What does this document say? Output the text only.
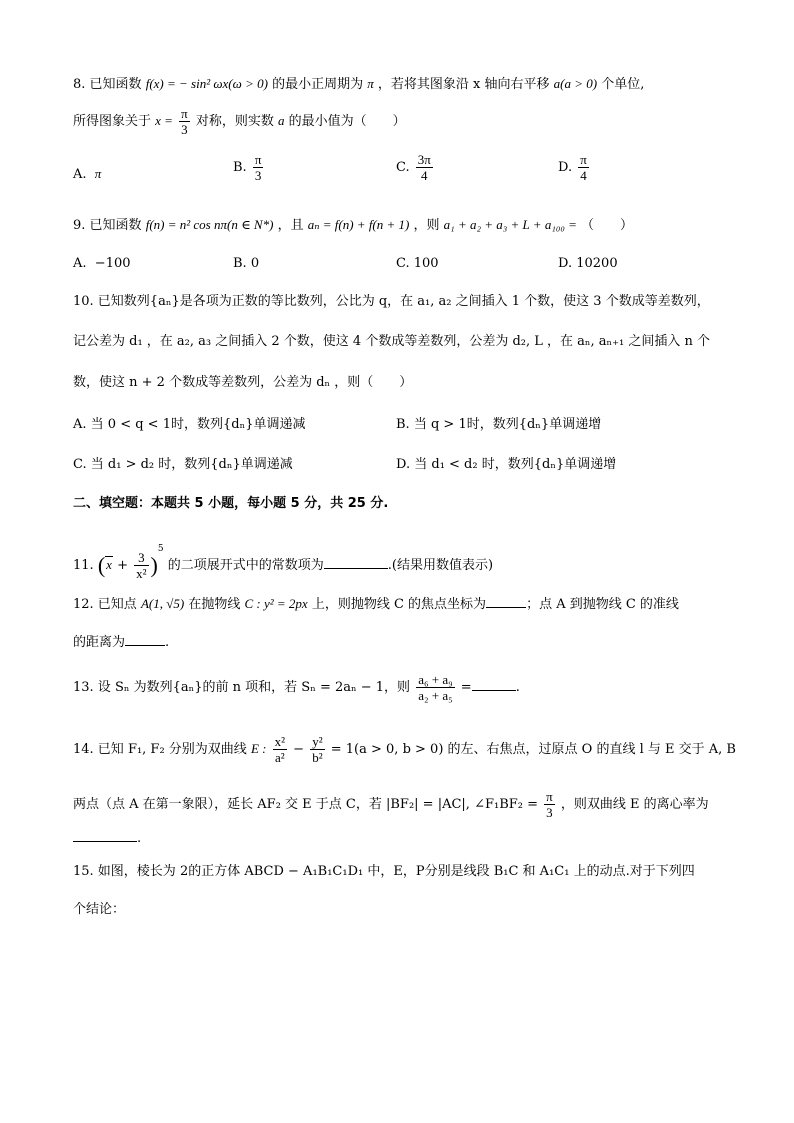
8. 已知函数 f(x) = − sin² ωx(ω > 0) 的最小正周期为 π ，若将其图象沿 x 轴向右平移 a(a > 0) 个单位,
所得图象关于 $x = \frac{\pi}{3}$ 对称，则实数 a 的最小值为（　　）
A. π	B. $\frac{\pi}{3}$	C. $\frac{3\pi}{4}$	D. $\frac{\pi}{4}$
9. 已知函数 f(n) = n² cos nπ(n ∈ N*) ，且 aₙ = f(n) + f(n + 1) ，则 a₁ + a₂ + a₃ + L + a₁₀₀ = （　　）
A. −100	B. 0	C. 100	D. 10200
10. 已知数列{aₙ}是各项为正数的等比数列，公比为 q，在 a₁, a₂ 之间插入 1 个数，使这 3 个数成等差数列，
记公差为 d₁ ，在 a₂, a₃ 之间插入 2 个数，使这 4 个数成等差数列，公差为 d₂, L ，在 aₙ, aₙ₊₁ 之间插入 n 个
数，使这 n + 2 个数成等差数列，公差为 dₙ ，则（　　）
A. 当 0 < q < 1时，数列{dₙ}单调递减	B. 当 q > 1时，数列{dₙ}单调递增
C. 当 d₁ > d₂ 时，数列{dₙ}单调递减	D. 当 d₁ < d₂ 时，数列{dₙ}单调递增
二、填空题：本题共 5 小题，每小题 5 分，共 25 分.
11. $(x + \frac{3}{\text{x²}} )^5$ 的二项展开式中的常数项为	.(结果用数值表示)
12. 已知点 A(1, √5) 在抛物线 C : y² = 2px 上，则抛物线 C 的焦点坐标为	；点 A 到抛物线 C 的准线
的距离为	.
13. 设 Sₙ 为数列{aₙ}的前 n 项和，若 Sₙ = 2aₙ − 1，则 $\frac{\text{a₆ + a₉}}{\text{a₂ + a₅}}$ =	.
14. 已知 F₁, F₂ 分别为双曲线 E : $\frac{\text{x²}}{\text{a²}} - \frac{\text{y²}}{\text{b²}} = 1(a > 0$, b > 0) 的左、右焦点，过原点 O 的直线 l 与 E 交于 A, B
两点（点 A 在第一象限），延长 AF₂ 交 E 于点 C，若 |BF₂| = |AC|, ∠F₁BF₂ = $\frac{\pi}{3}$ ，则双曲线 E 的离心率为
.
15. 如图，棱长为 2的正方体 ABCD − A₁B₁C₁D₁ 中，E，P分别是线段 B₁C 和 A₁C₁ 上的动点.对于下列四
个结论：
